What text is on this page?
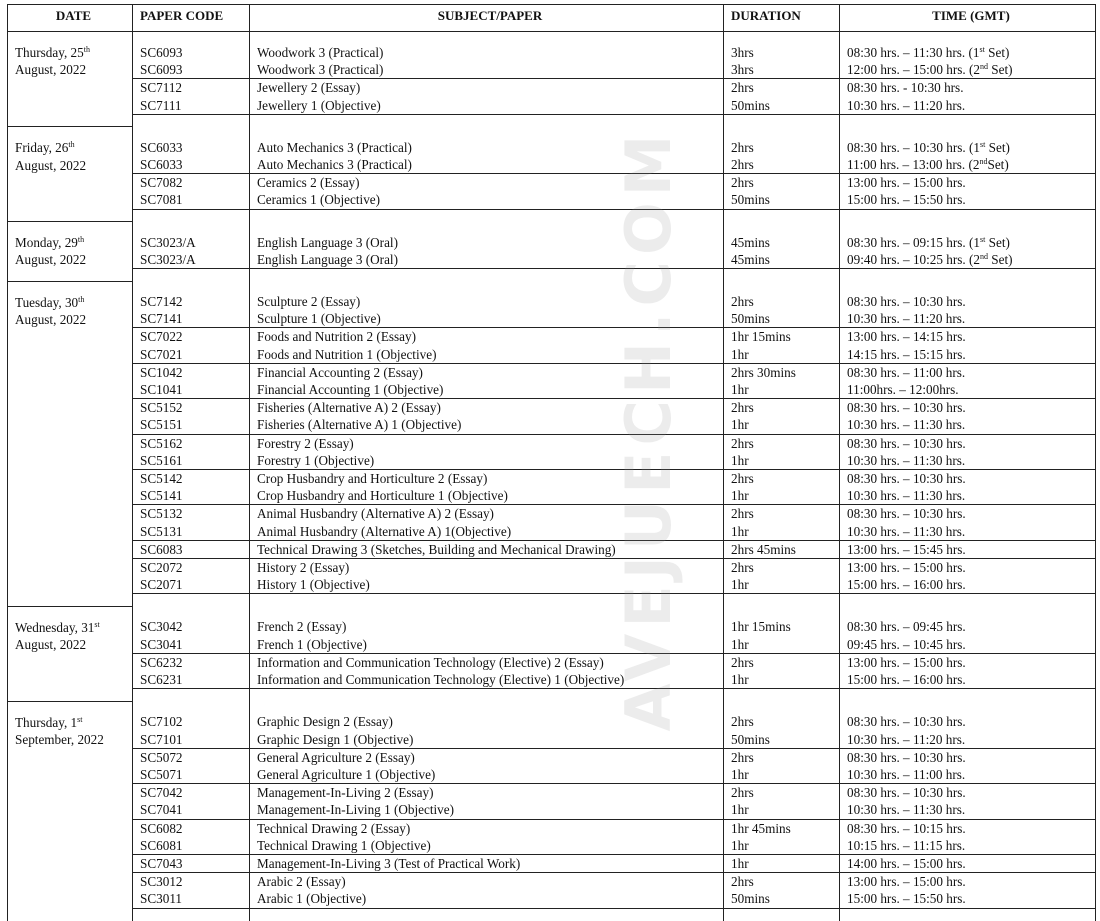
DATE	PAPER CODE	SUBJECT/PAPER	DURATION	TIME (GMT)

Thursday, 25th
August, 2022	SC6093	Woodwork 3 (Practical)	3hrs	08:30 hrs. – 11:30 hrs. (1st Set)
	SC6093	Woodwork 3 (Practical)	3hrs	12:00 hrs. – 15:00 hrs. (2nd Set)
	SC7112	Jewellery 2 (Essay)	2hrs	08:30 hrs. - 10:30 hrs.
	SC7111	Jewellery 1 (Objective)	50mins	10:30 hrs. – 11:20 hrs.

Friday, 26th
August, 2022	SC6033	Auto Mechanics 3 (Practical)	2hrs	08:30 hrs. – 10:30 hrs. (1st Set)
	SC6033	Auto Mechanics 3 (Practical)	2hrs	11:00 hrs. – 13:00 hrs. (2ndSet)
	SC7082	Ceramics 2 (Essay)	2hrs	13:00 hrs. – 15:00 hrs.
	SC7081	Ceramics 1 (Objective)	50mins	15:00 hrs. – 15:50 hrs.

Monday, 29th
August, 2022	SC3023/A	English Language 3 (Oral)	45mins	08:30 hrs. – 09:15 hrs. (1st Set)
	SC3023/A	English Language 3 (Oral)	45mins	09:40 hrs. – 10:25 hrs. (2nd Set)

Tuesday, 30th
August, 2022	SC7142	Sculpture 2 (Essay)	2hrs	08:30 hrs. – 10:30 hrs.
	SC7141	Sculpture 1 (Objective)	50mins	10:30 hrs. – 11:20 hrs.
	SC7022	Foods and Nutrition 2 (Essay)	1hr 15mins	13:00 hrs. – 14:15 hrs.
	SC7021	Foods and Nutrition 1 (Objective)	1hr	14:15 hrs. – 15:15 hrs.
	SC1042	Financial Accounting 2 (Essay)	2hrs 30mins	08:30 hrs. – 11:00 hrs.
	SC1041	Financial Accounting 1 (Objective)	1hr	11:00hrs. – 12:00hrs.
	SC5152	Fisheries (Alternative A) 2 (Essay)	2hrs	08:30 hrs. – 10:30 hrs.
	SC5151	Fisheries (Alternative A) 1 (Objective)	1hr	10:30 hrs. – 11:30 hrs.
	SC5162	Forestry 2 (Essay)	2hrs	08:30 hrs. – 10:30 hrs.
	SC5161	Forestry 1 (Objective)	1hr	10:30 hrs. – 11:30 hrs.
	SC5142	Crop Husbandry and Horticulture 2 (Essay)	2hrs	08:30 hrs. – 10:30 hrs.
	SC5141	Crop Husbandry and Horticulture 1 (Objective)	1hr	10:30 hrs. – 11:30 hrs.
	SC5132	Animal Husbandry (Alternative A) 2 (Essay)	2hrs	08:30 hrs. – 10:30 hrs.
	SC5131	Animal Husbandry (Alternative A) 1(Objective)	1hr	10:30 hrs. – 11:30 hrs.
	SC6083	Technical Drawing 3 (Sketches, Building and Mechanical Drawing)	2hrs 45mins	13:00 hrs. – 15:45 hrs.
	SC2072	History 2 (Essay)	2hrs	13:00 hrs. – 15:00 hrs.
	SC2071	History 1 (Objective)	1hr	15:00 hrs. – 16:00 hrs.

Wednesday, 31st
August, 2022	SC3042	French 2 (Essay)	1hr 15mins	08:30 hrs. – 09:45 hrs.
	SC3041	French 1 (Objective)	1hr	09:45 hrs. – 10:45 hrs.
	SC6232	Information and Communication Technology (Elective) 2 (Essay)	2hrs	13:00 hrs. – 15:00 hrs.
	SC6231	Information and Communication Technology (Elective) 1 (Objective)	1hr	15:00 hrs. – 16:00 hrs.

Thursday, 1st
September, 2022	SC7102	Graphic Design 2 (Essay)	2hrs	08:30 hrs. – 10:30 hrs.
	SC7101	Graphic Design 1 (Objective)	50mins	10:30 hrs. – 11:20 hrs.
	SC5072	General Agriculture 2 (Essay)	2hrs	08:30 hrs. – 10:30 hrs.
	SC5071	General Agriculture 1 (Objective)	1hr	10:30 hrs. – 11:00 hrs.
	SC7042	Management-In-Living 2 (Essay)	2hrs	08:30 hrs. – 10:30 hrs.
	SC7041	Management-In-Living 1 (Objective)	1hr	10:30 hrs. – 11:30 hrs.
	SC6082	Technical Drawing 2 (Essay)	1hr 45mins	08:30 hrs. – 10:15 hrs.
	SC6081	Technical Drawing 1 (Objective)	1hr	10:15 hrs. – 11:15 hrs.
	SC7043	Management-In-Living 3 (Test of Practical Work)	1hr	14:00 hrs. – 15:00 hrs.
	SC3012	Arabic 2 (Essay)	2hrs	13:00 hrs. – 15:00 hrs.
	SC3011	Arabic 1 (Objective)	50mins	15:00 hrs. – 15:50 hrs.

AVEJUECH.COM
